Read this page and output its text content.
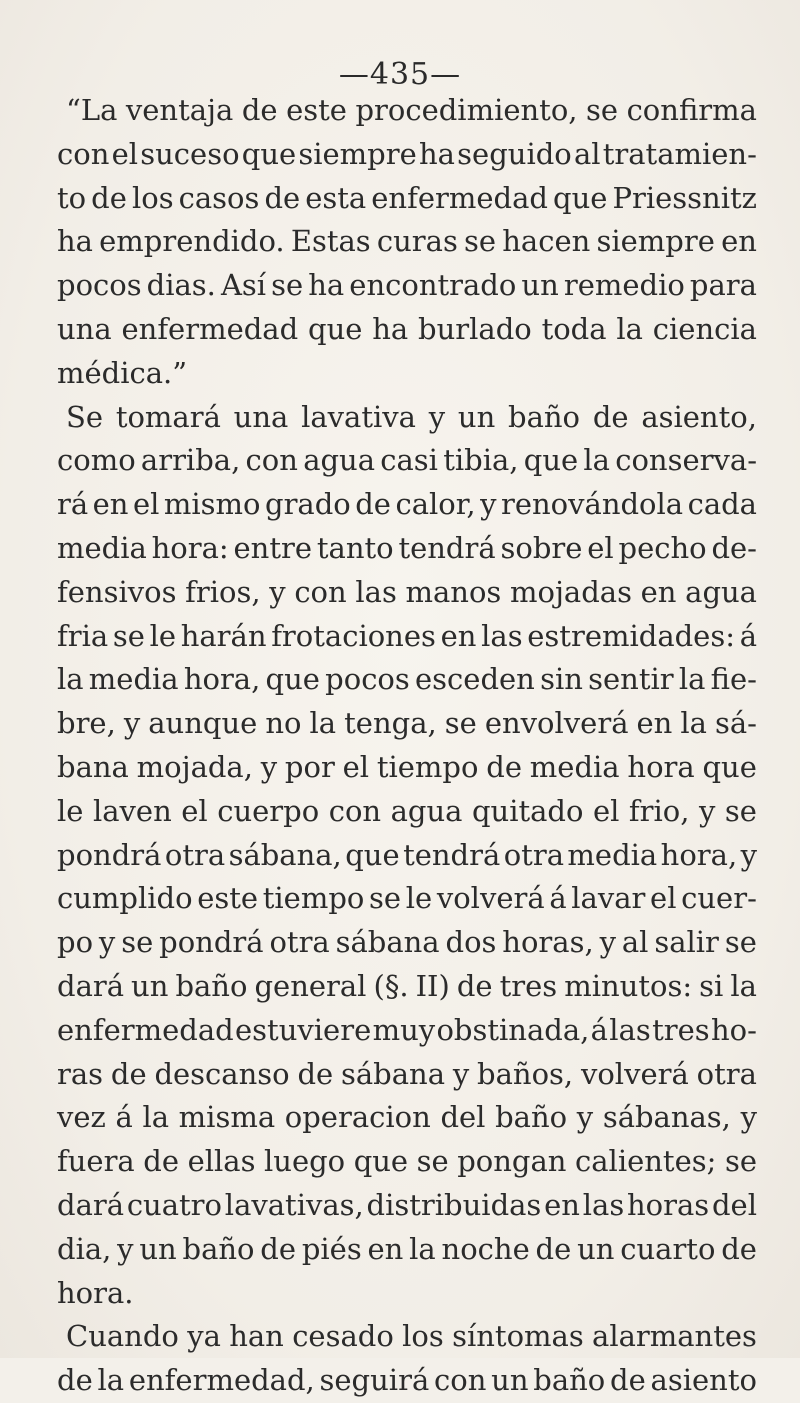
—435—
“La ventaja de este procedimiento, se confirma
con el suceso que siempre ha seguido al tratamien-
to de los casos de esta enfermedad que Priessnitz
ha emprendido. Estas curas se hacen siempre en
pocos dias. Así se ha encontrado un remedio para
una enfermedad que ha burlado toda la ciencia
médica.”
Se tomará una lavativa y un baño de asiento,
como arriba, con agua casi tibia, que la conserva-
rá en el mismo grado de calor, y renovándola cada
media hora: entre tanto tendrá sobre el pecho de-
fensivos frios, y con las manos mojadas en agua
fria se le harán frotaciones en las estremidades: á
la media hora, que pocos esceden sin sentir la fie-
bre, y aunque no la tenga, se envolverá en la sá-
bana mojada, y por el tiempo de media hora que
le laven el cuerpo con agua quitado el frio, y se
pondrá otra sábana, que tendrá otra media hora, y
cumplido este tiempo se le volverá á lavar el cuer-
po y se pondrá otra sábana dos horas, y al salir se
dará un baño general (§. II) de tres minutos: si la
enfermedad estuviere muy obstinada, á las tres ho-
ras de descanso de sábana y baños, volverá otra
vez á la misma operacion del baño y sábanas, y
fuera de ellas luego que se pongan calientes; se
dará cuatro lavativas, distribuidas en las horas del
dia, y un baño de piés en la noche de un cuarto de
hora.
Cuando ya han cesado los síntomas alarmantes
de la enfermedad, seguirá con un baño de asiento
